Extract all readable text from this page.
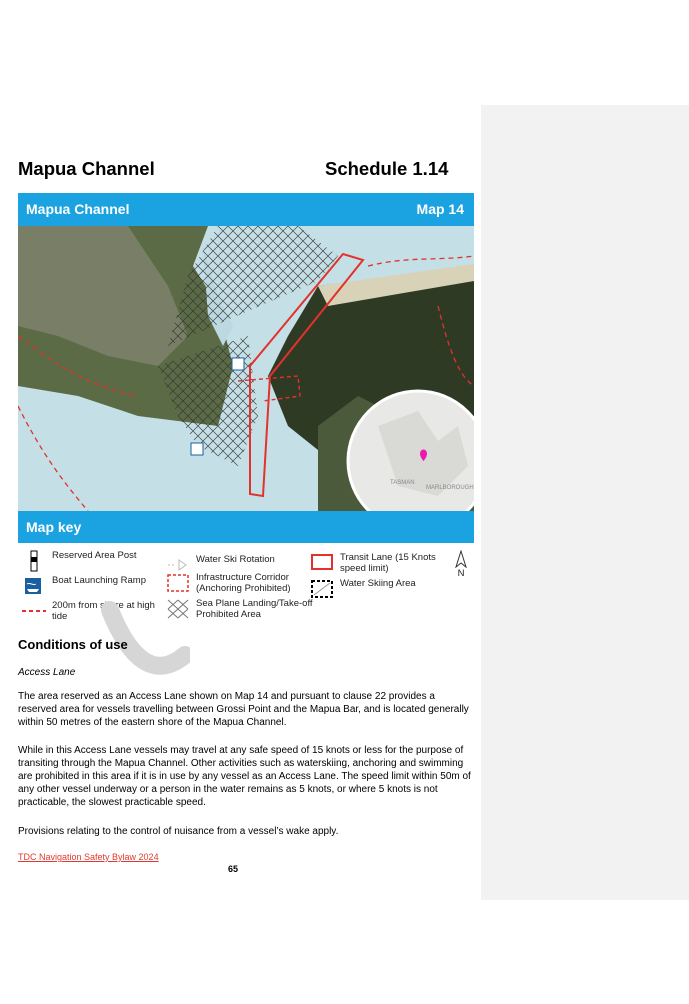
Mapua Channel	Schedule 1.14
Mapua Channel	Map 14
TASMAN
MARLBOROUGH
Map key
Reserved Area Post
Boat Launching Ramp
200m from shore at high tide
Water Ski Rotation
Infrastructure Corridor (Anchoring Prohibited)
Sea Plane Landing/Take-off Prohibited Area
Transit Lane (15 Knots speed limit)
Water Skiing Area
N
Conditions of use
Access Lane

The area reserved as an Access Lane shown on Map 14 and pursuant to clause 22 provides a reserved area for vessels travelling between Grossi Point and the Mapua Bar, and is located generally within 50 metres of the eastern shore of the Mapua Channel.

While in this Access Lane vessels may travel at any safe speed of 15 knots or less for the purpose of transiting through the Mapua Channel. Other activities such as waterskiing, anchoring and swimming are prohibited in this area if it is in use by any vessel as an Access Lane. The speed limit within 50m of any other vessel underway or a person in the water remains as 5 knots, or where 5 knots is not practicable, the slowest practicable speed.

Provisions relating to the control of nuisance from a vessel’s wake apply.

TDC Navigation Safety Bylaw 2024
65
